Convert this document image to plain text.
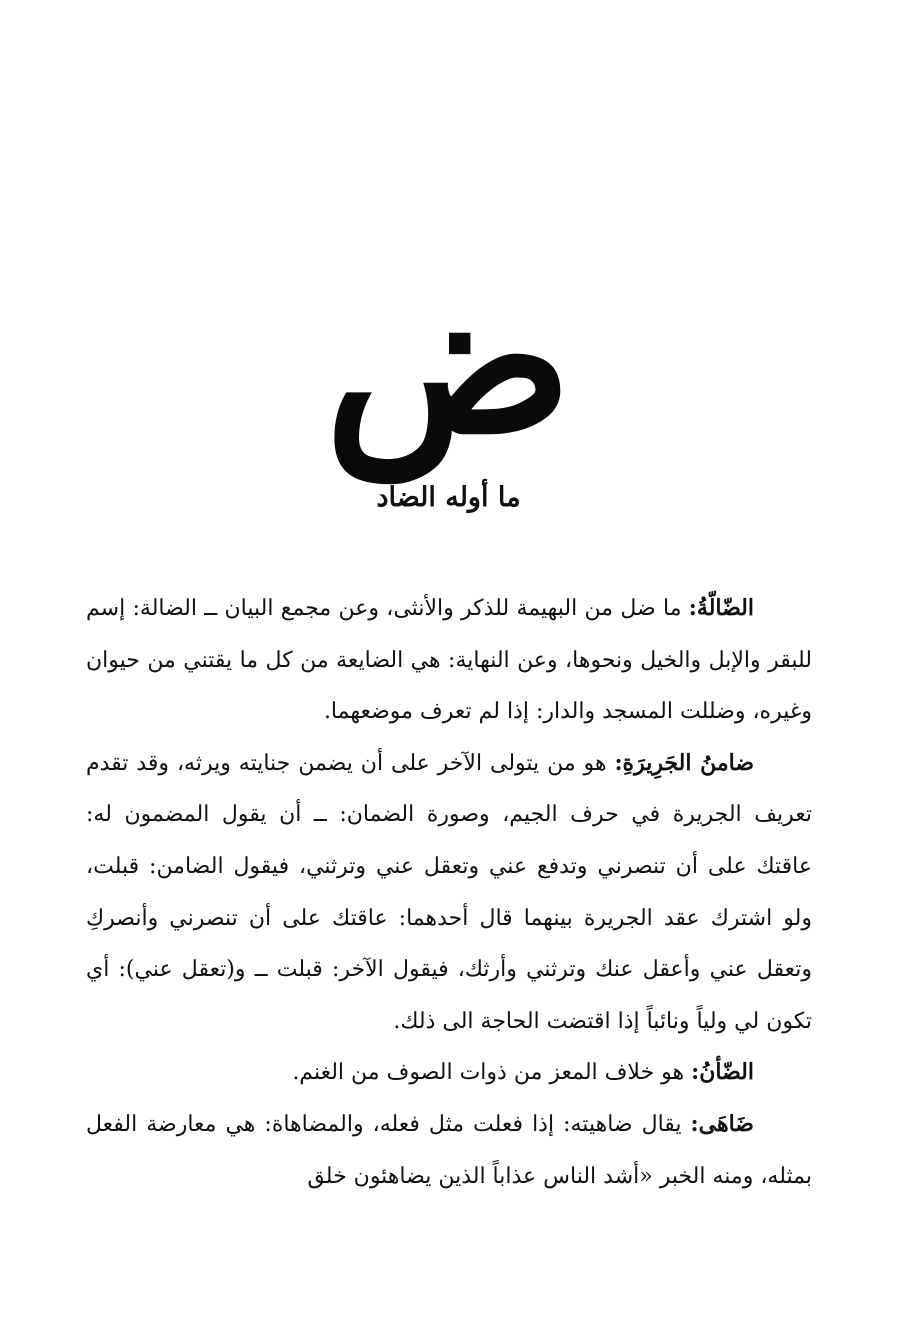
ض
ما أوله الضاد

الضّالّةُ: ما ضل من البهيمة للذكر والأنثى، وعن مجمع البيان ــ الضالة: إسم للبقر والإبل والخيل ونحوها، وعن النهاية: هي الضايعة من كل ما يقتني من حيوان وغيره، وضللت المسجد والدار: إذا لم تعرف موضعهما.

ضامنُ الجَرِيرَةِ: هو من يتولى الآخر على أن يضمن جنايته ويرثه، وقد تقدم تعريف الجريرة في حرف الجيم، وصورة الضمان: ــ أن يقول المضمون له: عاقتك على أن تنصرني وتدفع عني وتعقل عني وترثني، فيقول الضامن: قبلت، ولو اشترك عقد الجريرة بينهما قال أحدهما: عاقتك على أن تنصرني وأنصركِ وتعقل عني وأعقل عنك وترثني وأرثك، فيقول الآخر: قبلت ــ و(تعقل عني): أي تكون لي ولياً ونائباً إذا اقتضت الحاجة الى ذلك.

الضّأنُ: هو خلاف المعز من ذوات الصوف من الغنم.

ضَاهَى: يقال ضاهيته: إذا فعلت مثل فعله، والمضاهاة: هي معارضة الفعل بمثله، ومنه الخبر «أشد الناس عذاباً الذين يضاهئون خلق
